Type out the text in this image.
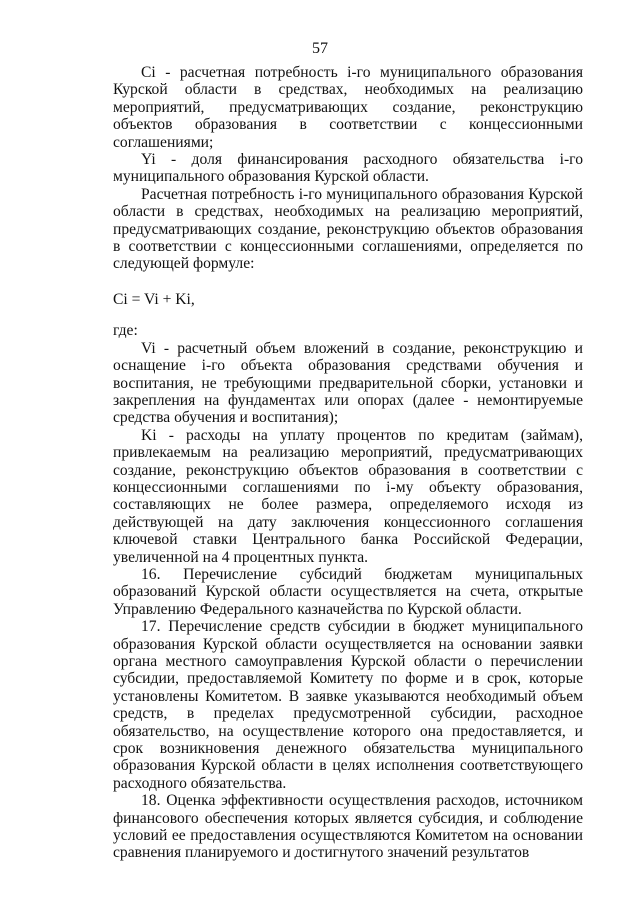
57

Ci - расчетная потребность i-го муниципального образования Курской области в средствах, необходимых на реализацию мероприятий, предусматривающих создание, реконструкцию объектов образования в соответствии с концессионными соглашениями;

Yi - доля финансирования расходного обязательства i-го муниципального образования Курской области.

Расчетная потребность i-го муниципального образования Курской области в средствах, необходимых на реализацию мероприятий, предусматривающих создание, реконструкцию объектов образования в соответствии с концессионными соглашениями, определяется по следующей формуле:

Ci = Vi + Ki,

где:

Vi - расчетный объем вложений в создание, реконструкцию и оснащение i-го объекта образования средствами обучения и воспитания, не требующими предварительной сборки, установки и закрепления на фундаментах или опорах (далее - немонтируемые средства обучения и воспитания);

Ki - расходы на уплату процентов по кредитам (займам), привлекаемым на реализацию мероприятий, предусматривающих создание, реконструкцию объектов образования в соответствии с концессионными соглашениями по i-му объекту образования, составляющих не более размера, определяемого исходя из действующей на дату заключения концессионного соглашения ключевой ставки Центрального банка Российской Федерации, увеличенной на 4 процентных пункта.

16. Перечисление субсидий бюджетам муниципальных образований Курской области осуществляется на счета, открытые Управлению Федерального казначейства по Курской области.

17. Перечисление средств субсидии в бюджет муниципального образования Курской области осуществляется на основании заявки органа местного самоуправления Курской области о перечислении субсидии, предоставляемой Комитету по форме и в срок, которые установлены Комитетом. В заявке указываются необходимый объем средств, в пределах предусмотренной субсидии, расходное обязательство, на осуществление которого она предоставляется, и срок возникновения денежного обязательства муниципального образования Курской области в целях исполнения соответствующего расходного обязательства.

18. Оценка эффективности осуществления расходов, источником финансового обеспечения которых является субсидия, и соблюдение условий ее предоставления осуществляются Комитетом на основании сравнения планируемого и достигнутого значений результатов
